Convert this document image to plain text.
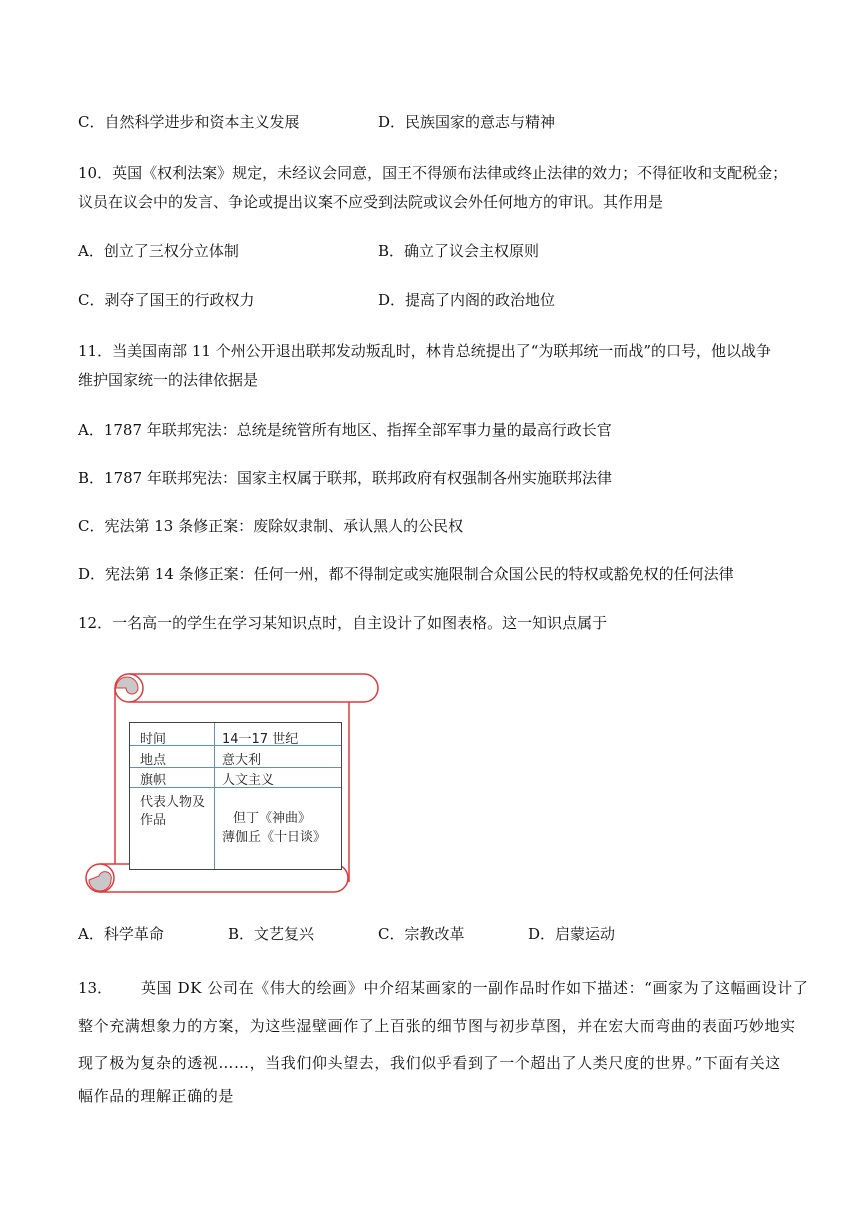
C．自然科学进步和资本主义发展	D．民族国家的意志与精神
10．英国《权利法案》规定，未经议会同意，国王不得颁布法律或终止法律的效力；不得征收和支配税金；
议员在议会中的发言、争论或提出议案不应受到法院或议会外任何地方的审讯。其作用是
A．创立了三权分立体制	B．确立了议会主权原则
C．剥夺了国王的行政权力	D．提高了内阁的政治地位
11．当美国南部 11 个州公开退出联邦发动叛乱时，林肯总统提出了“为联邦统一而战”的口号，他以战争
维护国家统一的法律依据是
A．1787 年联邦宪法：总统是统管所有地区、指挥全部军事力量的最高行政长官
B．1787 年联邦宪法：国家主权属于联邦，联邦政府有权强制各州实施联邦法律
C．宪法第 13 条修正案：废除奴隶制、承认黑人的公民权
D．宪法第 14 条修正案：任何一州，都不得制定或实施限制合众国公民的特权或豁免权的任何法律
12．一名高一的学生在学习某知识点时，自主设计了如图表格。这一知识点属于
时间	14一17 世纪
地点	意大利
旗帜	人文主义
代表人物及
作品	但丁《神曲》
薄伽丘《十日谈》
A．科学革命	B．文艺复兴	C．宗教改革	D．启蒙运动
13． 英国 DK 公司在《伟大的绘画》中介绍某画家的一副作品时作如下描述：“画家为了这幅画设计了
整个充满想象力的方案，为这些湿壁画作了上百张的细节图与初步草图，并在宏大而弯曲的表面巧妙地实
现了极为复杂的透视……，当我们仰头望去，我们似乎看到了一个超出了人类尺度的世界。”下面有关这
幅作品的理解正确的是
